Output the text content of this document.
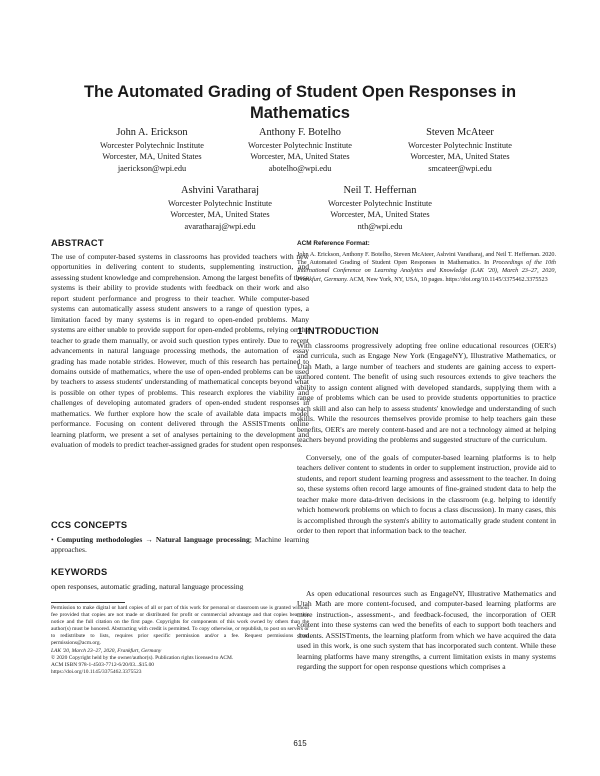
The Automated Grading of Student Open Responses in Mathematics
John A. Erickson
Worcester Polytechnic Institute
Worcester, MA, United States
jaerickson@wpi.edu
Anthony F. Botelho
Worcester Polytechnic Institute
Worcester, MA, United States
abotelho@wpi.edu
Steven McAteer
Worcester Polytechnic Institute
Worcester, MA, United States
smcateer@wpi.edu
Ashvini Varatharaj
Worcester Polytechnic Institute
Worcester, MA, United States
avaratharaj@wpi.edu
Neil T. Heffernan
Worcester Polytechnic Institute
Worcester, MA, United States
nth@wpi.edu
ABSTRACT

The use of computer-based systems in classrooms has provided teachers with new opportunities in delivering content to students, supplementing instruction, and assessing student knowledge and comprehension. Among the largest benefits of these systems is their ability to provide students with feedback on their work and also report student performance and progress to their teacher. While computer-based systems can automatically assess student answers to a range of question types, a limitation faced by many systems is in regard to open-ended problems. Many systems are either unable to provide support for open-ended problems, relying on the teacher to grade them manually, or avoid such question types entirely. Due to recent advancements in natural language processing methods, the automation of essay grading has made notable strides. However, much of this research has pertained to domains outside of mathematics, where the use of open-ended problems can be used by teachers to assess students' understanding of mathematical concepts beyond what is possible on other types of problems. This research explores the viability and challenges of developing automated graders of open-ended student responses in mathematics. We further explore how the scale of available data impacts model performance. Focusing on content delivered through the ASSISTments online learning platform, we present a set of analyses pertaining to the development and evaluation of models to predict teacher-assigned grades for student open responses.

CCS CONCEPTS

• Computing methodologies → Natural language processing; Machine learning approaches.

KEYWORDS

open responses, automatic grading, natural language processing

Permission to make digital or hard copies of all or part of this work for personal or classroom use is granted without fee provided that copies are not made or distributed for profit or commercial advantage and that copies bear this notice and the full citation on the first page. Copyrights for components of this work owned by others than the author(s) must be honored. Abstracting with credit is permitted. To copy otherwise, or republish, to post on servers or to redistribute to lists, requires prior specific permission and/or a fee. Request permissions from permissions@acm.org.

LAK '20, March 23–27, 2020, Frankfurt, Germany

© 2020 Copyright held by the owner/author(s). Publication rights licensed to ACM.

ACM ISBN 978-1-4503-7712-6/20/03...$15.00

https://doi.org/10.1145/3375462.3375523

ACM Reference Format:

John A. Erickson, Anthony F. Botelho, Steven McAteer, Ashvini Varatharaj, and Neil T. Heffernan. 2020. The Automated Grading of Student Open Responses in Mathematics. In Proceedings of the 10th International Conference on Learning Analytics and Knowledge (LAK '20), March 23–27, 2020, Frankfurt, Germany. ACM, New York, NY, USA, 10 pages. https://doi.org/10.1145/3375462.3375523

1 INTRODUCTION

With classrooms progressively adopting free online educational resources (OER's) and curricula, such as Engage New York (EngageNY), Illustrative Mathematics, or Utah Math, a large number of teachers and students are gaining access to expert-authored content. The benefit of using such resources extends to give teachers the ability to assign content aligned with developed standards, supplying them with a range of problems which can be used to provide students opportunities to practice each skill and also can help to assess students' knowledge and understanding of such skills. While the resources themselves provide promise to help teachers gain these benefits, OER's are merely content-based and are not a technology aimed at helping teachers beyond providing the problems and suggested structure of the curriculum.

Conversely, one of the goals of computer-based learning platforms is to help teachers deliver content to students in order to supplement instruction, provide aid to students, and report student learning progress and assessment to the teacher. In doing so, these systems often record large amounts of fine-grained student data to help the teacher make more data-driven decisions in the classroom (e.g. helping to identify which homework problems on which to focus a class discussion). In many cases, this is accomplished through the system's ability to automatically grade student content in order to then report that information back to the teacher.

As open educational resources such as EngageNY, Illustrative Mathematics and Utah Math are more content-focused, and computer-based learning platforms are more instruction-, assessment-, and feedback-focused, the incorporation of OER content into these systems can wed the benefits of each to support both teachers and students. ASSISTments, the learning platform from which we have acquired the data used in this work, is one such system that has incorporated such content. While these learning platforms have many strengths, a current limitation exists in many systems regarding the support for open response questions which comprises a

615
